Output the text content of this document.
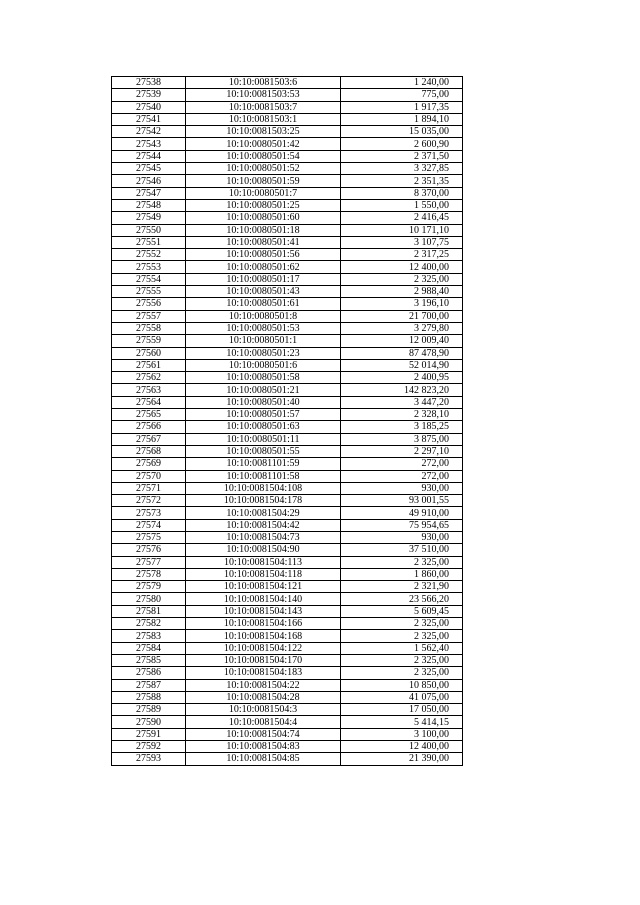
27538	10:10:0081503:6	1 240,00
27539	10:10:0081503:53	775,00
27540	10:10:0081503:7	1 917,35
27541	10:10:0081503:1	1 894,10
27542	10:10:0081503:25	15 035,00
27543	10:10:0080501:42	2 600,90
27544	10:10:0080501:54	2 371,50
27545	10:10:0080501:52	3 327,85
27546	10:10:0080501:59	2 351,35
27547	10:10:0080501:7	8 370,00
27548	10:10:0080501:25	1 550,00
27549	10:10:0080501:60	2 416,45
27550	10:10:0080501:18	10 171,10
27551	10:10:0080501:41	3 107,75
27552	10:10:0080501:56	2 317,25
27553	10:10:0080501:62	12 400,00
27554	10:10:0080501:17	2 325,00
27555	10:10:0080501:43	2 988,40
27556	10:10:0080501:61	3 196,10
27557	10:10:0080501:8	21 700,00
27558	10:10:0080501:53	3 279,80
27559	10:10:0080501:1	12 009,40
27560	10:10:0080501:23	87 478,90
27561	10:10:0080501:6	52 014,90
27562	10:10:0080501:58	2 400,95
27563	10:10:0080501:21	142 823,20
27564	10:10:0080501:40	3 447,20
27565	10:10:0080501:57	2 328,10
27566	10:10:0080501:63	3 185,25
27567	10:10:0080501:11	3 875,00
27568	10:10:0080501:55	2 297,10
27569	10:10:0081101:59	272,00
27570	10:10:0081101:58	272,00
27571	10:10:0081504:108	930,00
27572	10:10:0081504:178	93 001,55
27573	10:10:0081504:29	49 910,00
27574	10:10:0081504:42	75 954,65
27575	10:10:0081504:73	930,00
27576	10:10:0081504:90	37 510,00
27577	10:10:0081504:113	2 325,00
27578	10:10:0081504:118	1 860,00
27579	10:10:0081504:121	2 321,90
27580	10:10:0081504:140	23 566,20
27581	10:10:0081504:143	5 609,45
27582	10:10:0081504:166	2 325,00
27583	10:10:0081504:168	2 325,00
27584	10:10:0081504:122	1 562,40
27585	10:10:0081504:170	2 325,00
27586	10:10:0081504:183	2 325,00
27587	10:10:0081504:22	10 850,00
27588	10:10:0081504:28	41 075,00
27589	10:10:0081504:3	17 050,00
27590	10:10:0081504:4	5 414,15
27591	10:10:0081504:74	3 100,00
27592	10:10:0081504:83	12 400,00
27593	10:10:0081504:85	21 390,00
